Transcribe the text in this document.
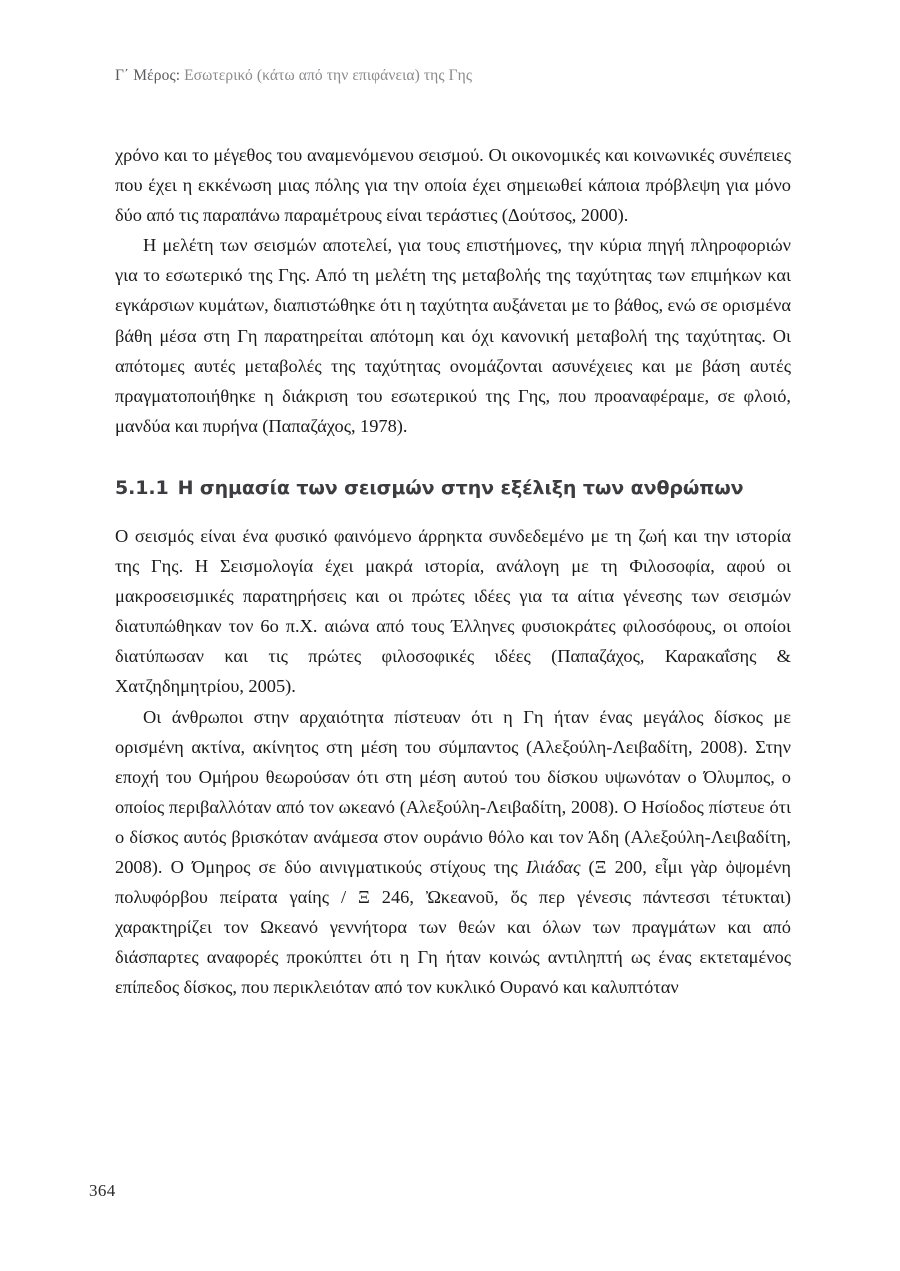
Γ΄ Μέρος: Εσωτερικό (κάτω από την επιφάνεια) της Γης

χρόνο και το μέγεθος του αναμενόμενου σεισμού. Οι οικονομικές και κοινωνικές συνέπειες που έχει η εκκένωση μιας πόλης για την οποία έχει σημειωθεί κάποια πρόβλεψη για μόνο δύο από τις παραπάνω παραμέτρους είναι τεράστιες (Δούτσος, 2000).

Η μελέτη των σεισμών αποτελεί, για τους επιστήμονες, την κύρια πηγή πληροφοριών για το εσωτερικό της Γης. Από τη μελέτη της μεταβολής της ταχύτητας των επιμήκων και εγκάρσιων κυμάτων, διαπιστώθηκε ότι η ταχύτητα αυξάνεται με το βάθος, ενώ σε ορισμένα βάθη μέσα στη Γη παρατηρείται απότομη και όχι κανονική μεταβολή της ταχύτητας. Οι απότομες αυτές μεταβολές της ταχύτητας ονομάζονται ασυνέχειες και με βάση αυτές πραγματοποιήθηκε η διάκριση του εσωτερικού της Γης, που προαναφέραμε, σε φλοιό, μανδύα και πυρήνα (Παπαζάχος, 1978).

5.1.1 Η σημασία των σεισμών στην εξέλιξη των ανθρώπων

Ο σεισμός είναι ένα φυσικό φαινόμενο άρρηκτα συνδεδεμένο με τη ζωή και την ιστορία της Γης. Η Σεισμολογία έχει μακρά ιστορία, ανάλογη με τη Φιλοσοφία, αφού οι μακροσεισμικές παρατηρήσεις και οι πρώτες ιδέες για τα αίτια γένεσης των σεισμών διατυπώθηκαν τον 6ο π.Χ. αιώνα από τους Έλληνες φυσιοκράτες φιλοσόφους, οι οποίοι διατύπωσαν και τις πρώτες φιλοσοφικές ιδέες (Παπαζάχος, Καρακαΐσης & Χατζηδημητρίου, 2005).

Οι άνθρωποι στην αρχαιότητα πίστευαν ότι η Γη ήταν ένας μεγάλος δίσκος με ορισμένη ακτίνα, ακίνητος στη μέση του σύμπαντος (Αλεξούλη-Λειβαδίτη, 2008). Στην εποχή του Ομήρου θεωρούσαν ότι στη μέση αυτού του δίσκου υψωνόταν ο Όλυμπος, ο οποίος περιβαλλόταν από τον ωκεανό (Αλεξούλη-Λειβαδίτη, 2008). Ο Ησίοδος πίστευε ότι ο δίσκος αυτός βρισκόταν ανάμεσα στον ουράνιο θόλο και τον Άδη (Αλεξούλη-Λειβαδίτη, 2008). Ο Όμηρος σε δύο αινιγματικούς στίχους της Ιλιάδας (Ξ 200, εἶμι γὰρ ὀψομένη πολυφόρβου πείρατα γαίης / Ξ 246, Ὠκεανοῦ, ὅς περ γένεσις πάντεσσι τέτυκται) χαρακτηρίζει τον Ωκεανό γεννήτορα των θεών και όλων των πραγμάτων και από διάσπαρτες αναφορές προκύπτει ότι η Γη ήταν κοινώς αντιληπτή ως ένας εκτεταμένος επίπεδος δίσκος, που περικλειόταν από τον κυκλικό Ουρανό και καλυπτόταν

364
